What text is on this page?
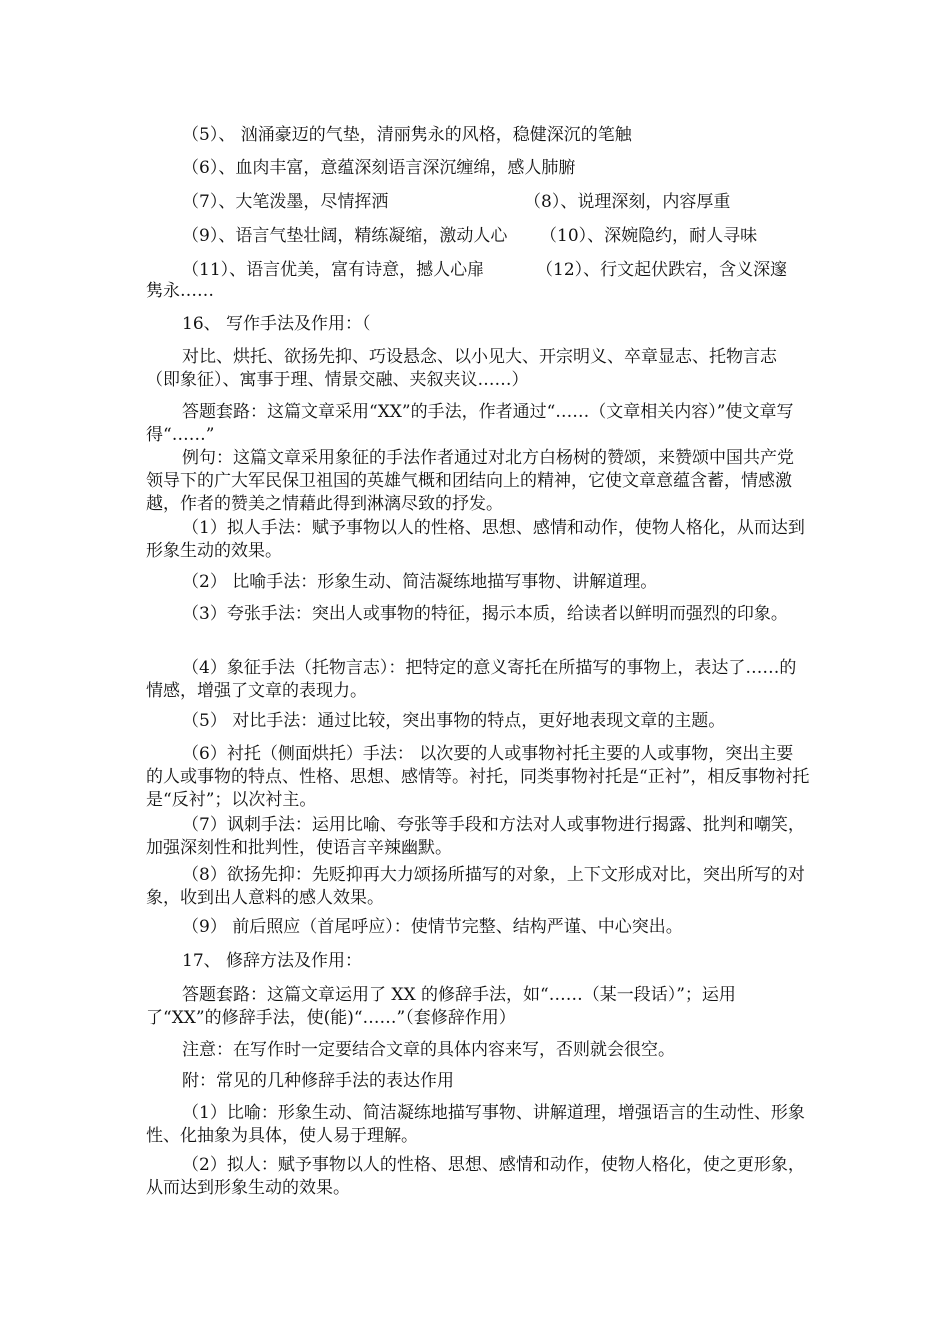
（5）、 汹涌豪迈的气垫，清丽隽永的风格，稳健深沉的笔触
（6）、血肉丰富，意蕴深刻语言深沉缠绵，感人肺腑
（7）、大笔泼墨，尽情挥洒	（8）、说理深刻，内容厚重
（9）、语言气垫壮阔，精练凝缩，激动人心 （10）、深婉隐约，耐人寻味
（11）、语言优美，富有诗意，撼人心扉	（12）、行文起伏跌宕，含义深邃
隽永……
16、 写作手法及作用：（
对比、烘托、欲扬先抑、巧设悬念、以小见大、开宗明义、卒章显志、托物言志（即象征）、寓事于理、情景交融、夹叙夹议……）
答题套路：这篇文章采用“XX”的手法，作者通过“……（文章相关内容）”使文章写得“……”
例句：这篇文章采用象征的手法作者通过对北方白杨树的赞颂，来赞颂中国共产党领导下的广大军民保卫祖国的英雄气概和团结向上的精神，它使文章意蕴含蓄，情感激越，作者的赞美之情藉此得到淋漓尽致的抒发。
（1）拟人手法：赋予事物以人的性格、思想、感情和动作，使物人格化，从而达到形象生动的效果。
（2） 比喻手法：形象生动、简洁凝练地描写事物、讲解道理。
（3）夸张手法：突出人或事物的特征，揭示本质，给读者以鲜明而强烈的印象。
（4）象征手法（托物言志）：把特定的意义寄托在所描写的事物上，表达了……的情感，增强了文章的表现力。
（5） 对比手法：通过比较，突出事物的特点，更好地表现文章的主题。
（6）衬托（侧面烘托）手法： 以次要的人或事物衬托主要的人或事物，突出主要的人或事物的特点、性格、思想、感情等。衬托，同类事物衬托是“正衬”，相反事物衬托是“反衬”；以次衬主。
（7）讽刺手法：运用比喻、夸张等手段和方法对人或事物进行揭露、批判和嘲笑，加强深刻性和批判性，使语言辛辣幽默。
（8）欲扬先抑：先贬抑再大力颂扬所描写的对象，上下文形成对比，突出所写的对象，收到出人意料的感人效果。
（9） 前后照应（首尾呼应）：使情节完整、结构严谨、中心突出。
17、 修辞方法及作用：
答题套路：这篇文章运用了 XX 的修辞手法，如“……（某一段话）”；运用了“XX”的修辞手法，使(能)“……”（套修辞作用）
注意：在写作时一定要结合文章的具体内容来写，否则就会很空。
附：常见的几种修辞手法的表达作用
（1）比喻：形象生动、简洁凝练地描写事物、讲解道理，增强语言的生动性、形象性、化抽象为具体，使人易于理解。
（2）拟人：赋予事物以人的性格、思想、感情和动作，使物人格化，使之更形象，从而达到形象生动的效果。
